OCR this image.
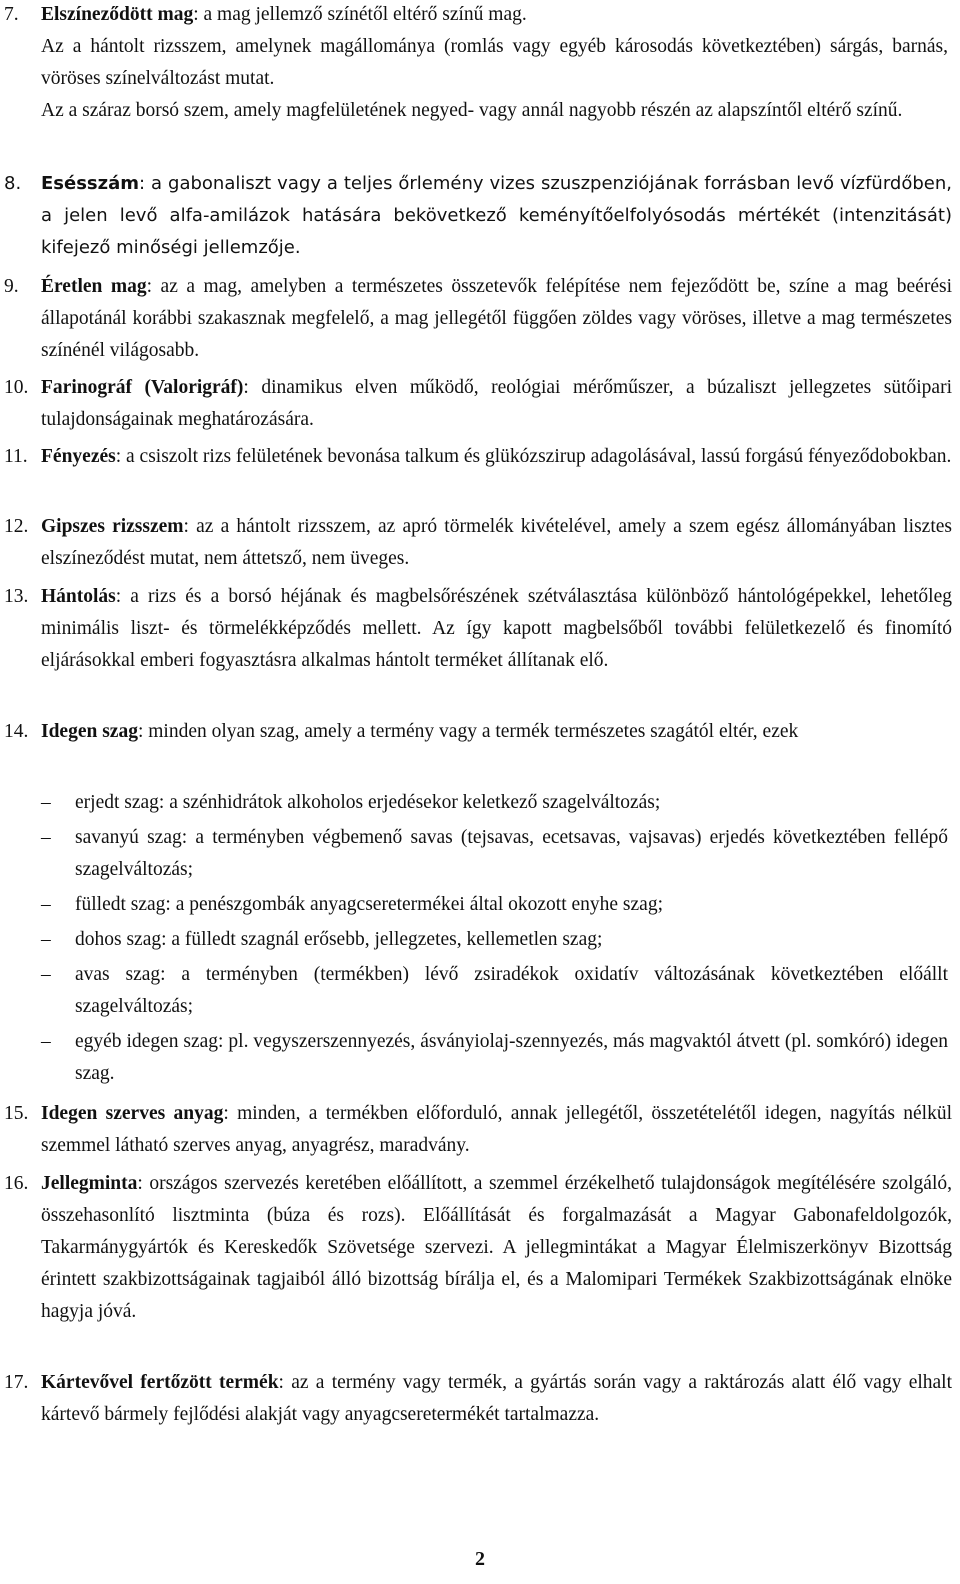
7. Elszíneződött mag: a mag jellemző színétől eltérő színű mag.
Az a hántolt rizsszem, amelynek magállománya (romlás vagy egyéb károsodás következtében) sárgás, barnás, vöröses színelváltozást mutat.
Az a száraz borsó szem, amely magfelületének negyed- vagy annál nagyobb részén az alapszíntől eltérő színű.
8. Esésszám: a gabonaliszt vagy a teljes őrlemény vizes szuszpenziójának forrásban levő vízfürdőben, a jelen levő alfa-amilázok hatására bekövetkező keményítőelfolyósodás mértékét (intenzitását) kifejező minőségi jellemzője.
9. Éretlen mag: az a mag, amelyben a természetes összetevők felépítése nem fejeződött be, színe a mag beérési állapotánál korábbi szakasznak megfelelő, a mag jellegétől függően zöldes vagy vöröses, illetve a mag természetes színénél világosabb.
10. Farinográf (Valorigráf): dinamikus elven működő, reológiai mérőműszer, a búzaliszt jellegzetes sütőipari tulajdonságainak meghatározására.
11. Fényezés: a csiszolt rizs felületének bevonása talkum és glükózszirup adagolásával, lassú forgású fényeződobokban.
12. Gipszes rizsszem: az a hántolt rizsszem, az apró törmelék kivételével, amely a szem egész állományában lisztes elszíneződést mutat, nem áttetsző, nem üveges.
13. Hántolás: a rizs és a borsó héjának és magbelsőrészének szétválasztása különböző hántológépekkel, lehetőleg minimális liszt- és törmelékképződés mellett. Az így kapott magbelsőből további felületkezelő és finomító eljárásokkal emberi fogyasztásra alkalmas hántolt terméket állítanak elő.
14. Idegen szag: minden olyan szag, amely a termény vagy a termék természetes szagától eltér, ezek
– erjedt szag: a szénhidrátok alkoholos erjedésekor keletkező szagelváltozás;
– savanyú szag: a terményben végbemenő savas (tejsavas, ecetsavas, vajsavas) erjedés következtében fellépő szagelváltozás;
– fülledt szag: a penészgombák anyagcseretermékei által okozott enyhe szag;
– dohos szag: a fülledt szagnál erősebb, jellegzetes, kellemetlen szag;
– avas szag: a terményben (termékben) lévő zsiradékok oxidatív változásának következtében előállt szagelváltozás;
– egyéb idegen szag: pl. vegyszerszennyezés, ásványiolaj-szennyezés, más magvaktól átvett (pl. somkóró) idegen szag.
15. Idegen szerves anyag: minden, a termékben előforduló, annak jellegétől, összetételétől idegen, nagyítás nélkül szemmel látható szerves anyag, anyagrész, maradvány.
16. Jellegminta: országos szervezés keretében előállított, a szemmel érzékelhető tulajdonságok megítélésére szolgáló, összehasonlító lisztminta (búza és rozs). Előállítását és forgalmazását a Magyar Gabonafeldolgozók, Takarmánygyártók és Kereskedők Szövetsége szervezi. A jellegmintákat a Magyar Élelmiszerkönyv Bizottság érintett szakbizottságainak tagjaiból álló bizottság bírálja el, és a Malomipari Termékek Szakbizottságának elnöke hagyja jóvá.
17. Kártevővel fertőzött termék: az a termény vagy termék, a gyártás során vagy a raktározás alatt élő vagy elhalt kártevő bármely fejlődési alakját vagy anyagcseretermékét tartalmazza.
2
